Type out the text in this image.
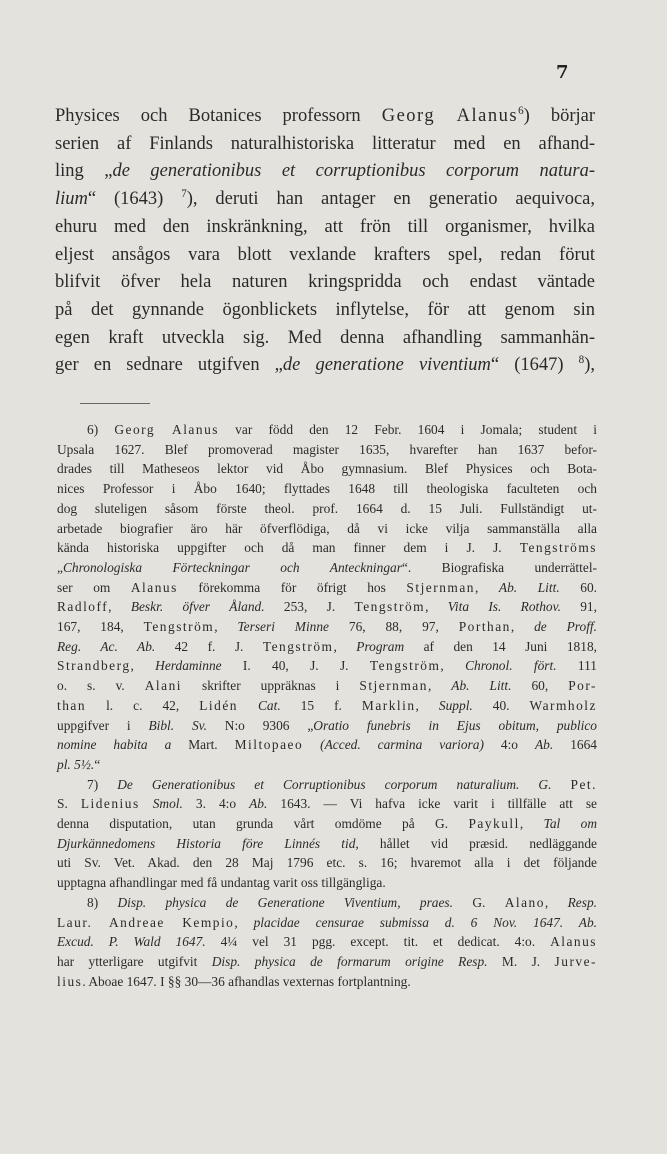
7
Physices och Botanices professorn Georg Alanus$^6$) börjar
serien af Finlands naturalhistoriska litteratur med en afhand-
ling „de generationibus et corruptionibus corporum natura-
lium“ (1643) $^7$), deruti han antager en generatio aequivoca,
ehuru med den inskränkning, att frön till organismer, hvilka
eljest ansågos vara blott vexlande krafters spel, redan förut
blifvit öfver hela naturen kringspridda och endast väntade
på det gynnande ögonblickets inflytelse, för att genom sin
egen kraft utveckla sig. Med denna afhandling sammanhän-
ger en sednare utgifven „de generatione viventium“ (1647) $^8$),
6) Georg Alanus var född den 12 Febr. 1604 i Jomala; student i
Upsala 1627. Blef promoverad magister 1635, hvarefter han 1637 befor-
drades till Matheseos lektor vid Åbo gymnasium. Blef Physices och Bota-
nices Professor i Åbo 1640; flyttades 1648 till theologiska faculteten och
dog sluteligen såsom förste theol. prof. 1664 d. 15 Juli. Fullständigt ut-
arbetade biografier äro här öfverflödiga, då vi icke vilja sammanställa alla
kända historiska uppgifter och då man finner dem i J. J. Tengströms
„Chronologiska Förteckningar och Anteckningar“. Biografiska underrättel-
ser om Alanus förekomma för öfrigt hos Stjernman, Ab. Litt. 60.
Radloff, Beskr. öfver Åland. 253, J. Tengström, Vita Is. Rothov. 91,
167, 184, Tengström, Terseri Minne 76, 88, 97, Porthan, de Proff.
Reg. Ac. Ab. 42 f. J. Tengström, Program af den 14 Juni 1818,
Strandberg, Herdaminne I. 40, J. J. Tengström, Chronol. fört. 111
o. s. v. Alani skrifter uppräknas i Stjernman, Ab. Litt. 60, Por-
than l. c. 42, Lidén Cat. 15 f. Marklin, Suppl. 40. Warmholz
uppgifver i Bibl. Sv. N:o 9306 „Oratio funebris in Ejus obitum, publico
nomine habita a Mart. Miltopaeo (Acced. carmina variora) 4:o Ab. 1664
pl. 5½.“
7) De Generationibus et Corruptionibus corporum naturalium. G. Pet.
S. Lidenius Smol. 3. 4:o Ab. 1643. — Vi hafva icke varit i tillfälle att se
denna disputation, utan grunda vårt omdöme på G. Paykull, Tal om
Djurkännedomens Historia före Linnés tid, hållet vid præsid. nedläggande
uti Sv. Vet. Akad. den 28 Maj 1796 etc. s. 16; hvaremot alla i det följande
upptagna afhandlingar med få undantag varit oss tillgängliga.
8) Disp. physica de Generatione Viventium, praes. G. Alano, Resp.
Laur. Andreae Kempio, placidae censurae submissa d. 6 Nov. 1647. Ab.
Excud. P. Wald 1647. 4¼ vel 31 pgg. except. tit. et dedicat. 4:o. Alanus
har ytterligare utgifvit Disp. physica de formarum origine Resp. M. J. Jurve-
lius. Aboae 1647. I §§ 30—36 afhandlas vexternas fortplantning.
